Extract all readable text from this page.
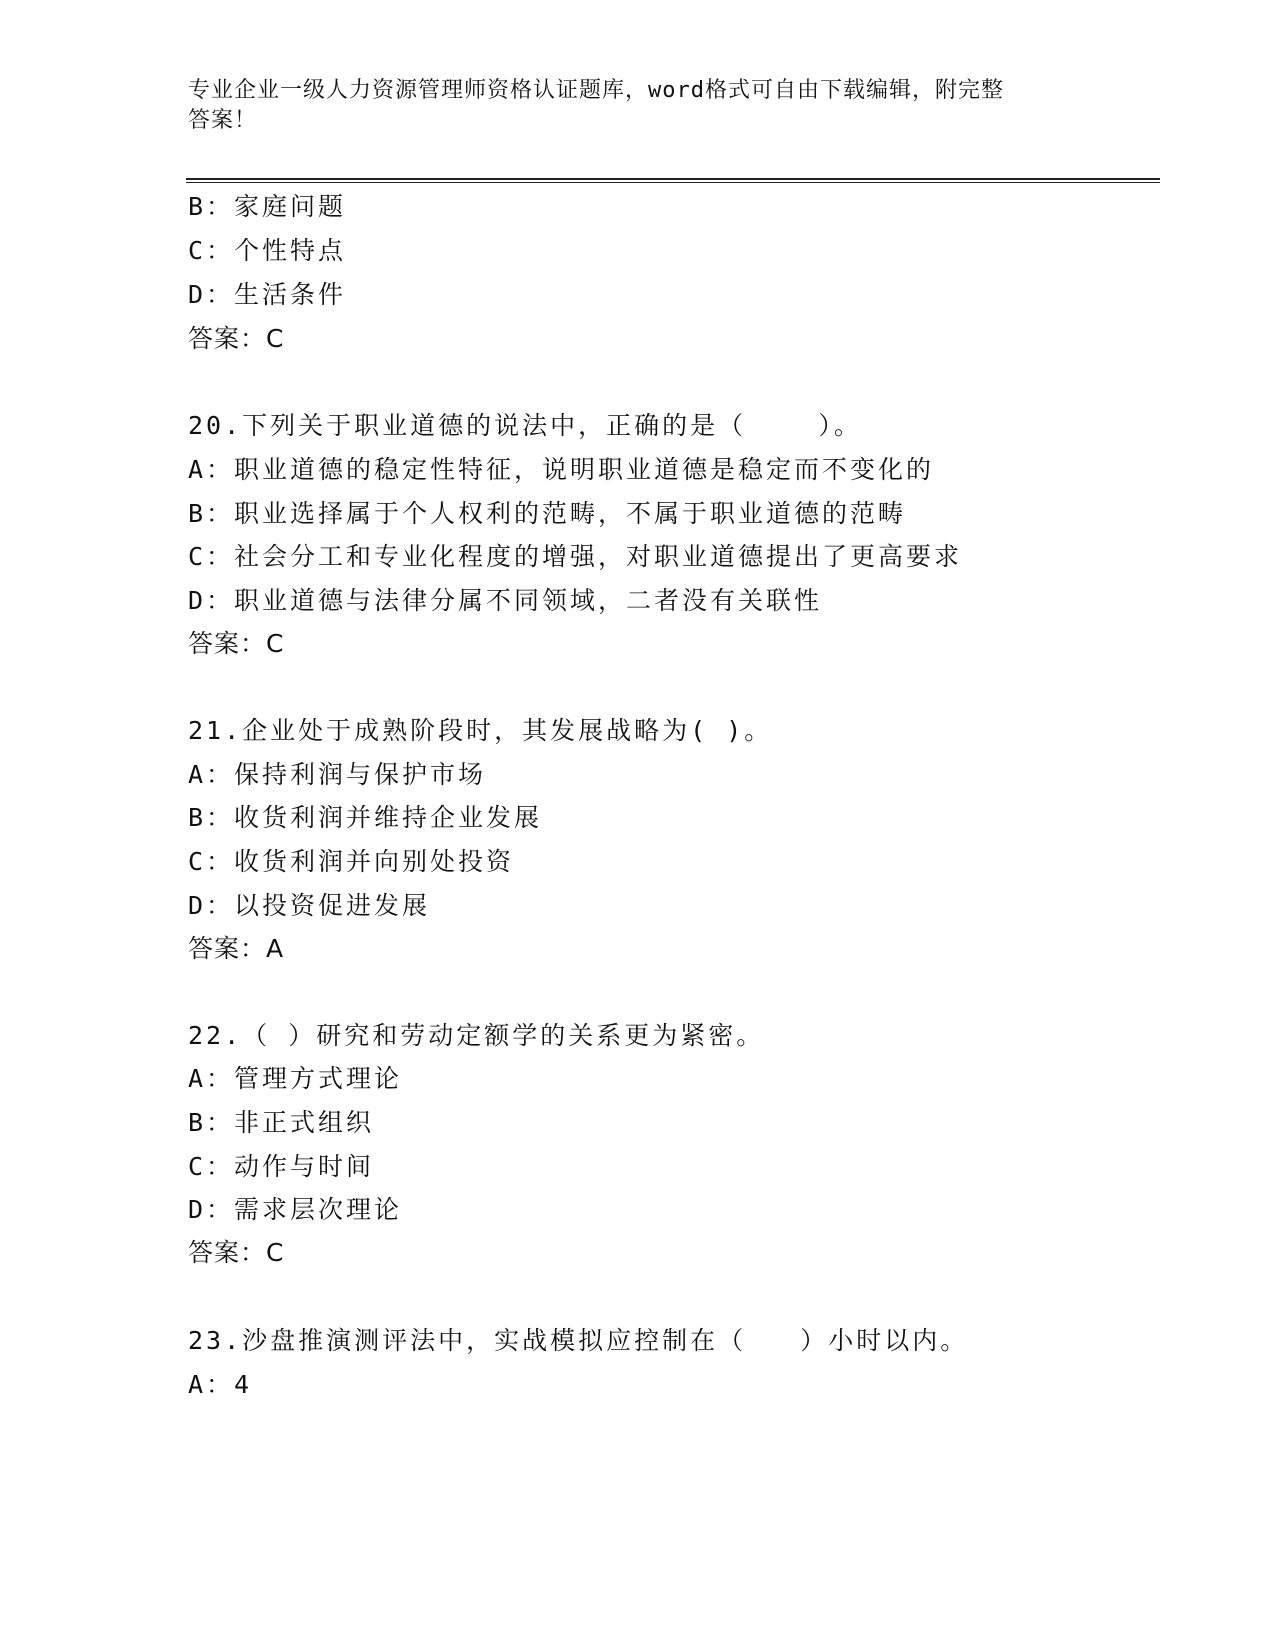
专业企业一级人力资源管理师资格认证题库，word格式可自由下载编辑，附完整
答案！
B：家庭问题
C：个性特点
D：生活条件
答案：C
20.下列关于职业道德的说法中，正确的是（    ）。
A：职业道德的稳定性特征，说明职业道德是稳定而不变化的
B：职业选择属于个人权利的范畴，不属于职业道德的范畴
C：社会分工和专业化程度的增强，对职业道德提出了更高要求
D：职业道德与法律分属不同领域，二者没有关联性
答案：C
21.企业处于成熟阶段时，其发展战略为( )。
A：保持利润与保护市场
B：收货利润并维持企业发展
C：收货利润并向别处投资
D：以投资促进发展
答案：A
22.（ ）研究和劳动定额学的关系更为紧密。
A：管理方式理论
B：非正式组织
C：动作与时间
D：需求层次理论
答案：C
23.沙盘推演测评法中，实战模拟应控制在（   ）小时以内。
A：4
